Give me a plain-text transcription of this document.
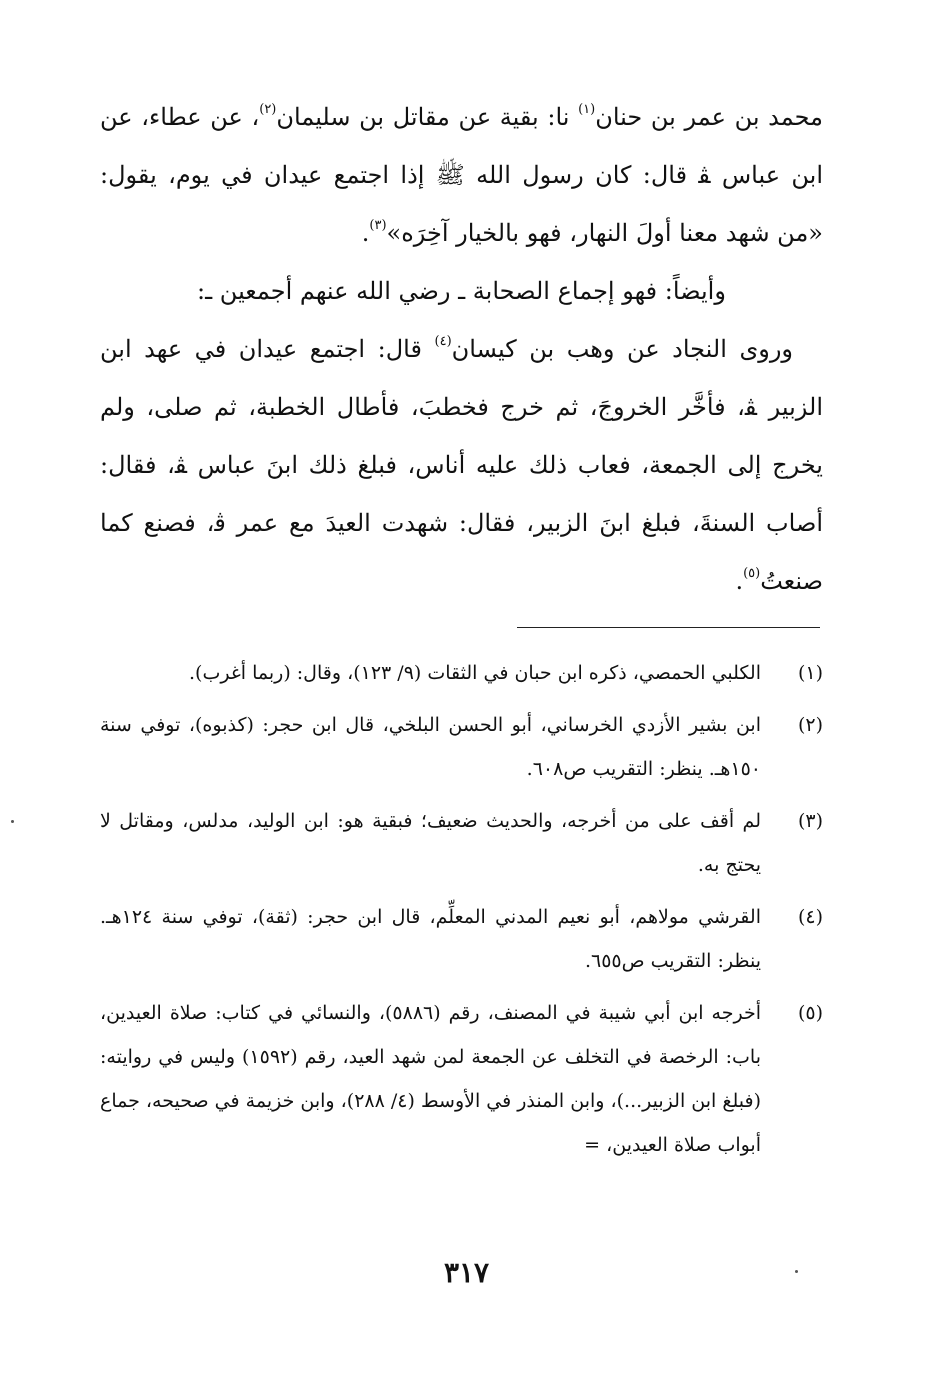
محمد بن عمر بن حنان$^{(١)}$ نا: بقية عن مقاتل بن سليمان$^{(٢)}$، عن عطاء، عن ابن عباس ﭭ قال: كان رسول الله ﷺ إذا اجتمع عيدان في يوم، يقول: «من شهد معنا أولَ النهار، فهو بالخيار آخِرَه»$^{(٣)}$.

وأيضاً: فهو إجماع الصحابة ـ رضي الله عنهم أجمعين ـ:

وروى النجاد عن وهب بن كيسان$^{(٤)}$ قال: اجتمع عيدان في عهد ابن الزبير ﭭ، فأخَّر الخروجَ، ثم خرج فخطبَ، فأطال الخطبة، ثم صلى، ولم يخرج إلى الجمعة، فعاب ذلك عليه أناس، فبلغ ذلك ابنَ عباس ﭭ، فقال: أصاب السنةَ، فبلغ ابنَ الزبير، فقال: شهدت العيدَ مع عمر ﭬ، فصنع كما صنعتُ$^{(٥)}$.

(١)
الكلبي الحمصي، ذكره ابن حبان في الثقات (٩/ ١٢٣)، وقال: (ربما أغرب).
(٢)
ابن بشير الأزدي الخرساني، أبو الحسن البلخي، قال ابن حجر: (كذبوه)، توفي سنة ١٥٠هـ. ينظر: التقريب ص٦٠٨.
(٣)
لم أقف على من أخرجه، والحديث ضعيف؛ فبقية هو: ابن الوليد، مدلس، ومقاتل لا يحتج به.
(٤)
القرشي مولاهم، أبو نعيم المدني المعلِّم، قال ابن حجر: (ثقة)، توفي سنة ١٢٤هـ. ينظر: التقريب ص٦٥٥.
(٥)
أخرجه ابن أبي شيبة في المصنف، رقم (٥٨٨٦)، والنسائي في كتاب: صلاة العيدين، باب: الرخصة في التخلف عن الجمعة لمن شهد العيد، رقم (١٥٩٢) وليس في روايته: (فبلغ ابن الزبير...)، وابن المنذر في الأوسط (٤/ ٢٨٨)، وابن خزيمة في صحيحه، جماع أبواب صلاة العيدين، =
٣١٧
